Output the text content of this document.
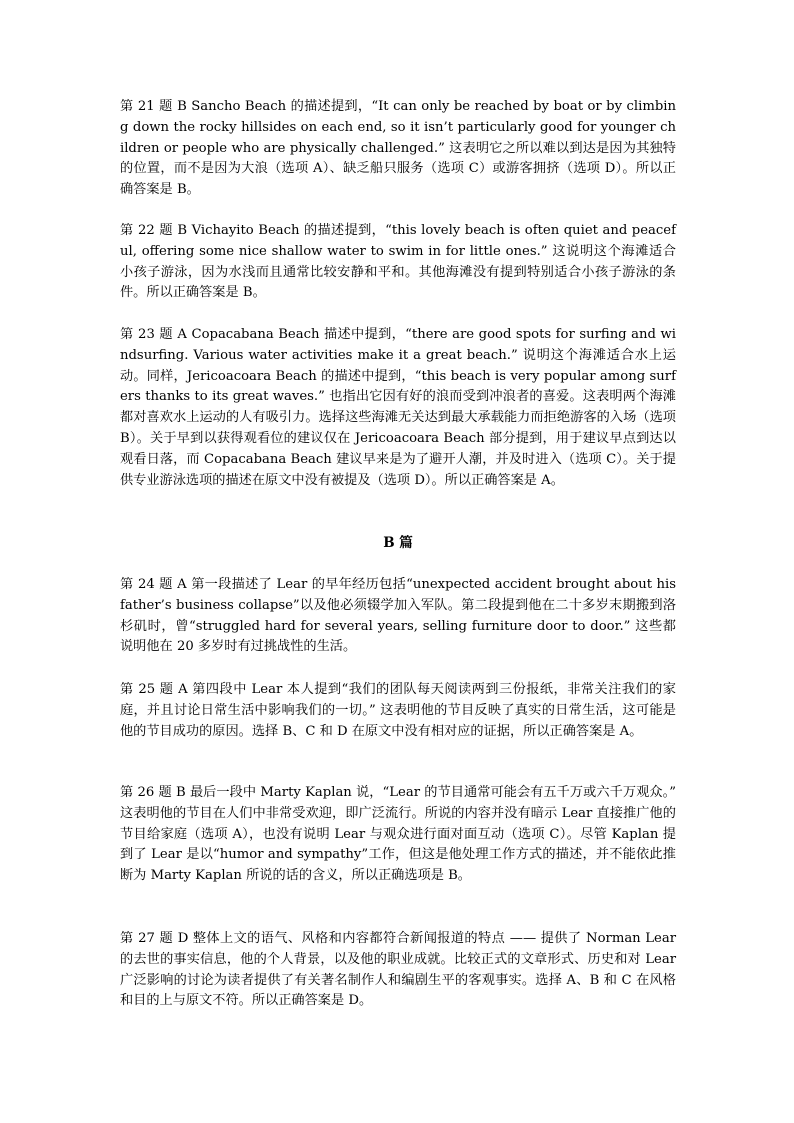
第 21 题 B Sancho Beach 的描述提到，“It can only be reached by boat or by climbing down the rocky hillsides on each end, so it isn’t particularly good for younger children or people who are physically challenged.” 这表明它之所以难以到达是因为其独特的位置，而不是因为大浪（选项 A）、缺乏船只服务（选项 C）或游客拥挤（选项 D）。所以正确答案是 B。

第 22 题 B Vichayito Beach 的描述提到，“this lovely beach is often quiet and peaceful, offering some nice shallow water to swim in for little ones.” 这说明这个海滩适合小孩子游泳，因为水浅而且通常比较安静和平和。其他海滩没有提到特别适合小孩子游泳的条件。所以正确答案是 B。

第 23 题 A Copacabana Beach 描述中提到，“there are good spots for surfing and windsurfing. Various water activities make it a great beach.” 说明这个海滩适合水上运动。同样，Jericoacoara Beach 的描述中提到，“this beach is very popular among surfers thanks to its great waves.” 也指出它因有好的浪而受到冲浪者的喜爱。这表明两个海滩都对喜欢水上运动的人有吸引力。选择这些海滩无关达到最大承载能力而拒绝游客的入场（选项 B）。关于早到以获得观看位的建议仅在 Jericoacoara Beach 部分提到，用于建议早点到达以观看日落，而 Copacabana Beach 建议早来是为了避开人潮，并及时进入（选项 C）。关于提供专业游泳选项的描述在原文中没有被提及（选项 D）。所以正确答案是 A。

B 篇

第 24 题 A 第一段描述了 Lear 的早年经历包括“unexpected accident brought about his father’s business collapse”以及他必须辍学加入军队。第二段提到他在二十多岁末期搬到洛杉矶时，曾“struggled hard for several years, selling furniture door to door.” 这些都说明他在 20 多岁时有过挑战性的生活。

第 25 题 A 第四段中 Lear 本人提到“我们的团队每天阅读两到三份报纸，非常关注我们的家庭，并且讨论日常生活中影响我们的一切。” 这表明他的节目反映了真实的日常生活，这可能是他的节目成功的原因。选择 B、C 和 D 在原文中没有相对应的证据，所以正确答案是 A。

第 26 题 B 最后一段中 Marty Kaplan 说，“Lear 的节目通常可能会有五千万或六千万观众。” 这表明他的节目在人们中非常受欢迎，即广泛流行。所说的内容并没有暗示 Lear 直接推广他的节目给家庭（选项 A），也没有说明 Lear 与观众进行面对面互动（选项 C）。尽管 Kaplan 提到了 Lear 是以“humor and sympathy”工作，但这是他处理工作方式的描述，并不能依此推断为 Marty Kaplan 所说的话的含义，所以正确选项是 B。

第 27 题 D 整体上文的语气、风格和内容都符合新闻报道的特点 —— 提供了 Norman Lear 的去世的事实信息，他的个人背景，以及他的职业成就。比较正式的文章形式、历史和对 Lear 广泛影响的讨论为读者提供了有关著名制作人和编剧生平的客观事实。选择 A、B 和 C 在风格和目的上与原文不符。所以正确答案是 D。
